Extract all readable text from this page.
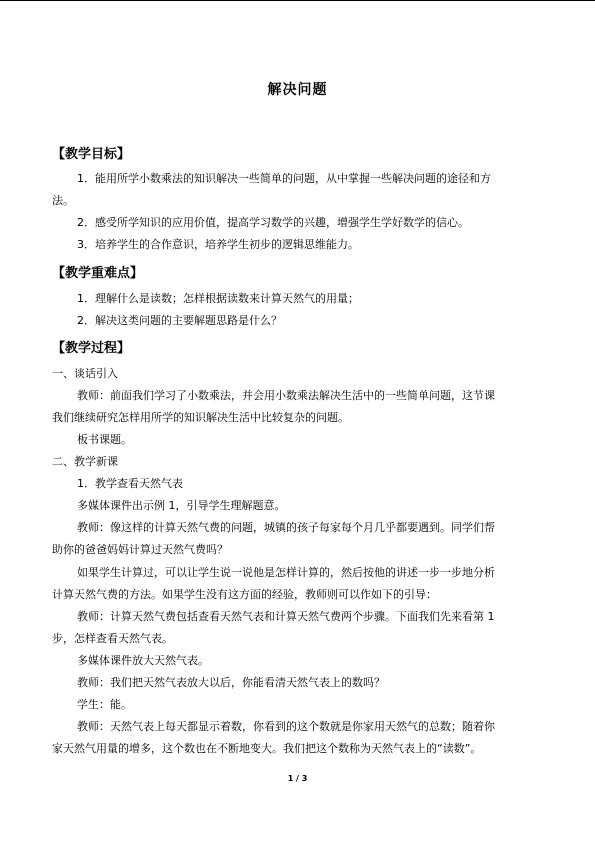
解决问题
【教学目标】
1．能用所学小数乘法的知识解决一些简单的问题，从中掌握一些解决问题的途径和方
法。
2．感受所学知识的应用价值，提高学习数学的兴趣，增强学生学好数学的信心。
3．培养学生的合作意识，培养学生初步的逻辑思维能力。
【教学重难点】
1．理解什么是读数；怎样根据读数来计算天然气的用量；
2．解决这类问题的主要解题思路是什么？
【教学过程】
一、谈话引入
教师：前面我们学习了小数乘法，并会用小数乘法解决生活中的一些简单问题，这节课
我们继续研究怎样用所学的知识解决生活中比较复杂的问题。
板书课题。
二、教学新课
1．教学查看天然气表
多媒体课件出示例 1，引导学生理解题意。
教师：像这样的计算天然气费的问题，城镇的孩子每家每个月几乎都要遇到。同学们帮
助你的爸爸妈妈计算过天然气费吗？
如果学生计算过，可以让学生说一说他是怎样计算的，然后按他的讲述一步一步地分析
计算天然气费的方法。如果学生没有这方面的经验，教师则可以作如下的引导：
教师：计算天然气费包括查看天然气表和计算天然气费两个步骤。下面我们先来看第 1
步，怎样查看天然气表。
多媒体课件放大天然气表。
教师：我们把天然气表放大以后，你能看清天然气表上的数吗？
学生：能。
教师：天然气表上每天都显示着数，你看到的这个数就是你家用天然气的总数；随着你
家天然气用量的增多，这个数也在不断地变大。我们把这个数称为天然气表上的“读数”。
1 / 3
